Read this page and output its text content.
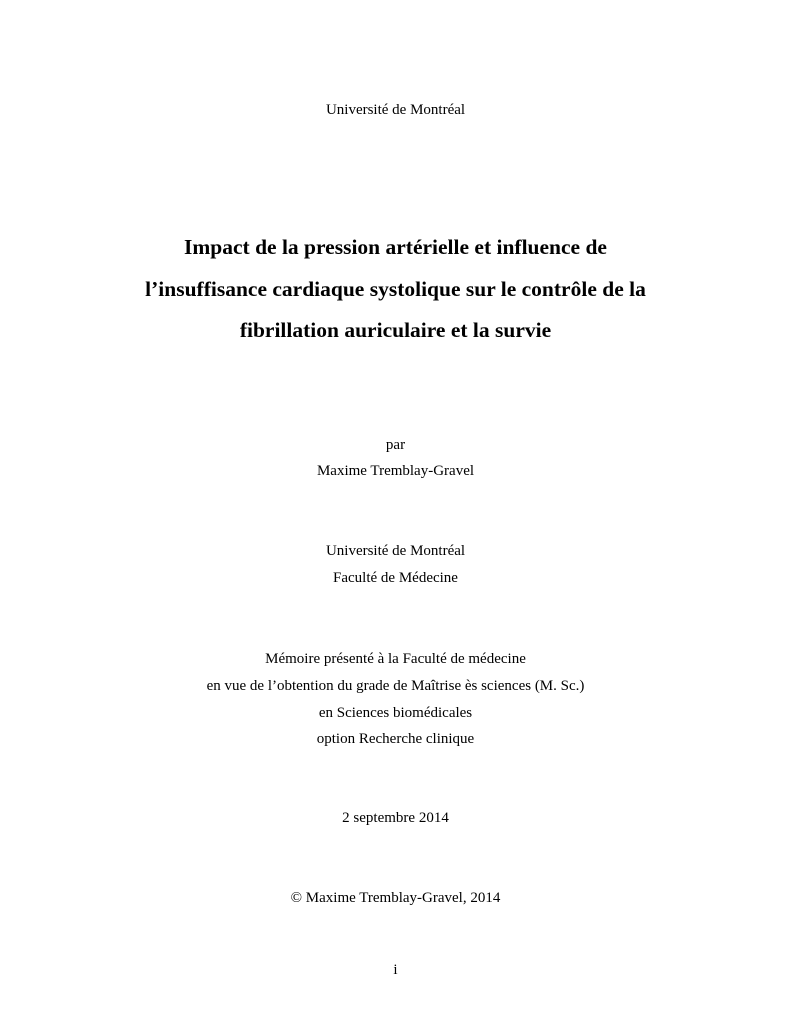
Université de Montréal
Impact de la pression artérielle et influence de
l’insuffisance cardiaque systolique sur le contrôle de la
fibrillation auriculaire et la survie
par
Maxime Tremblay-Gravel
Université de Montréal
Faculté de Médecine
Mémoire présenté à la Faculté de médecine
en vue de l’obtention du grade de Maîtrise ès sciences (M. Sc.)
en Sciences biomédicales
option Recherche clinique
2 septembre 2014
© Maxime Tremblay-Gravel, 2014
i
